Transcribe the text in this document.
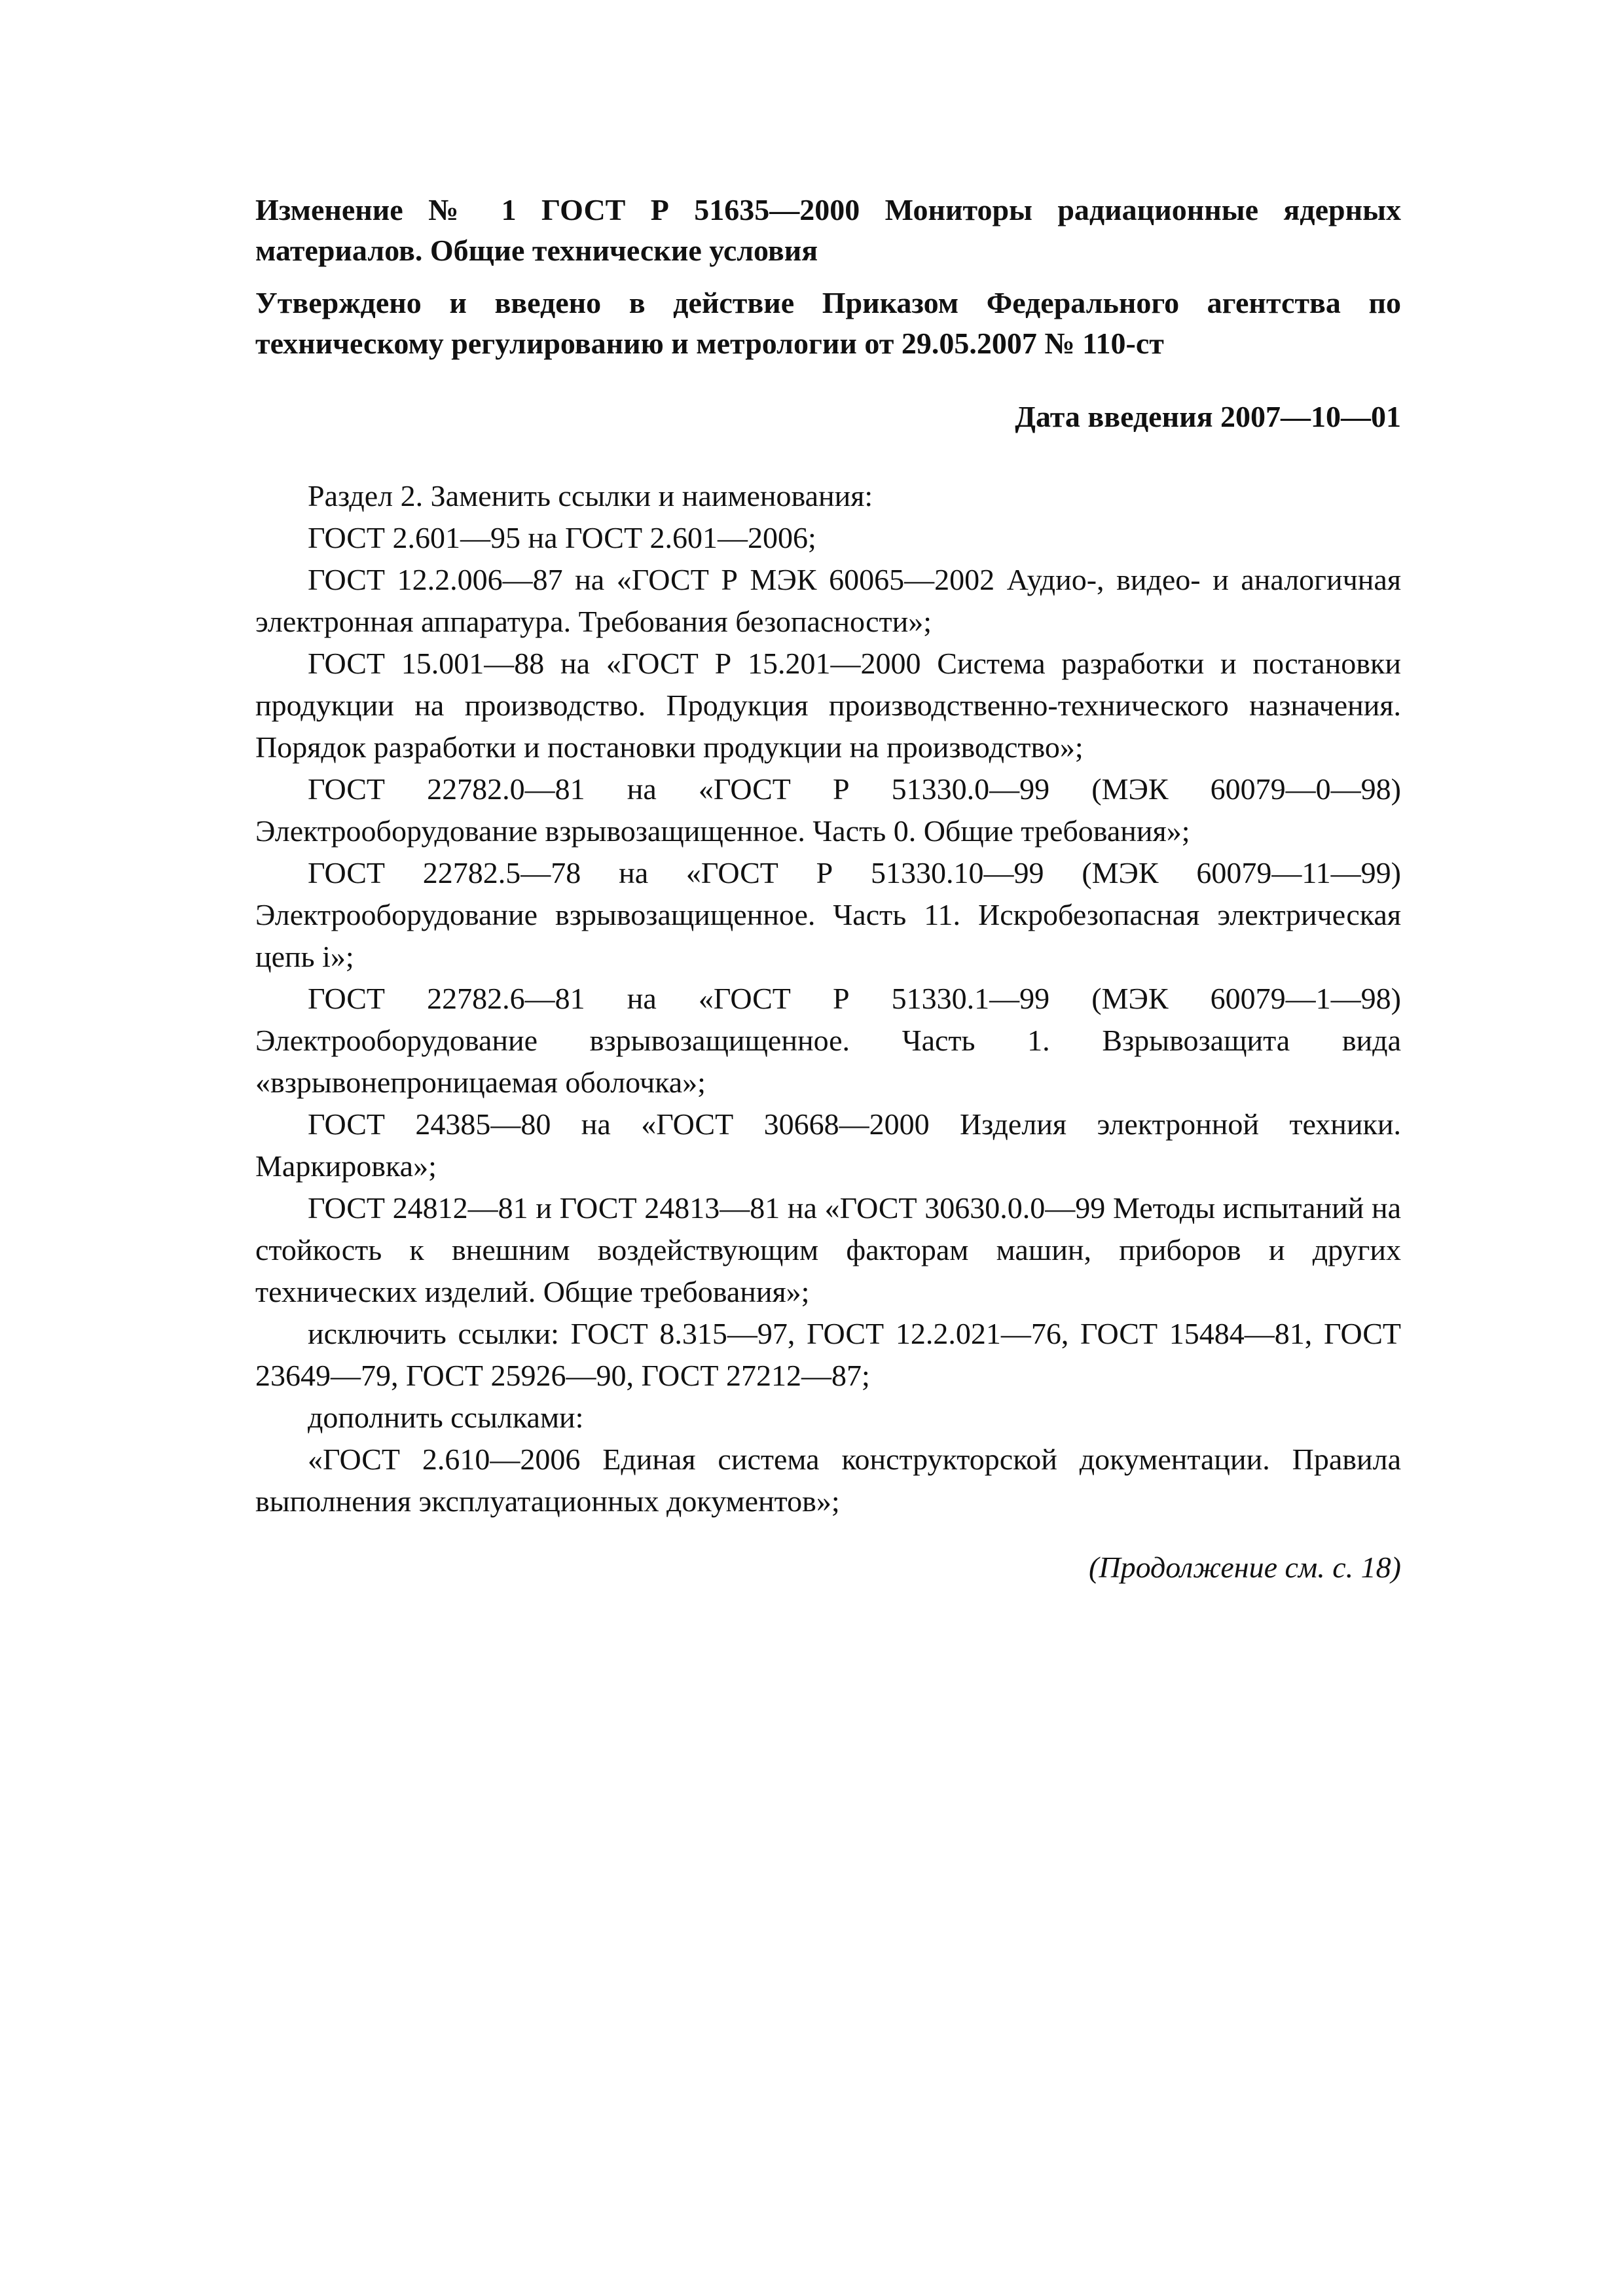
Изменение № 1 ГОСТ Р 51635—2000 Мониторы радиационные ядерных материалов. Общие технические условия

Утверждено и введено в действие Приказом Федерального агентства по техническому регулированию и метрологии от 29.05.2007 № 110-ст

Дата введения 2007—10—01

Раздел 2. Заменить ссылки и наименования:

ГОСТ 2.601—95 на ГОСТ 2.601—2006;

ГОСТ 12.2.006—87 на «ГОСТ Р МЭК 60065—2002 Аудио-, видео- и аналогичная электронная аппаратура. Требования безопасности»;

ГОСТ 15.001—88 на «ГОСТ Р 15.201—2000 Система разработки и постановки продукции на производство. Продукция производственно-технического назначения. Порядок разработки и постановки продукции на производство»;

ГОСТ 22782.0—81 на «ГОСТ Р 51330.0—99 (МЭК 60079—0—98) Электрооборудование взрывозащищенное. Часть 0. Общие требования»;

ГОСТ 22782.5—78 на «ГОСТ Р 51330.10—99 (МЭК 60079—11—99) Электрооборудование взрывозащищенное. Часть 11. Искробезопасная электрическая цепь i»;

ГОСТ 22782.6—81 на «ГОСТ Р 51330.1—99 (МЭК 60079—1—98) Электрооборудование взрывозащищенное. Часть 1. Взрывозащита вида «взрывонепроницаемая оболочка»;

ГОСТ 24385—80 на «ГОСТ 30668—2000 Изделия электронной техники. Маркировка»;

ГОСТ 24812—81 и ГОСТ 24813—81 на «ГОСТ 30630.0.0—99 Методы испытаний на стойкость к внешним воздействующим факторам машин, приборов и других технических изделий. Общие требования»;

исключить ссылки: ГОСТ 8.315—97, ГОСТ 12.2.021—76, ГОСТ 15484—81, ГОСТ 23649—79, ГОСТ 25926—90, ГОСТ 27212—87;

дополнить ссылками:

«ГОСТ 2.610—2006 Единая система конструкторской документации. Правила выполнения эксплуатационных документов»;

(Продолжение см. с. 18)
